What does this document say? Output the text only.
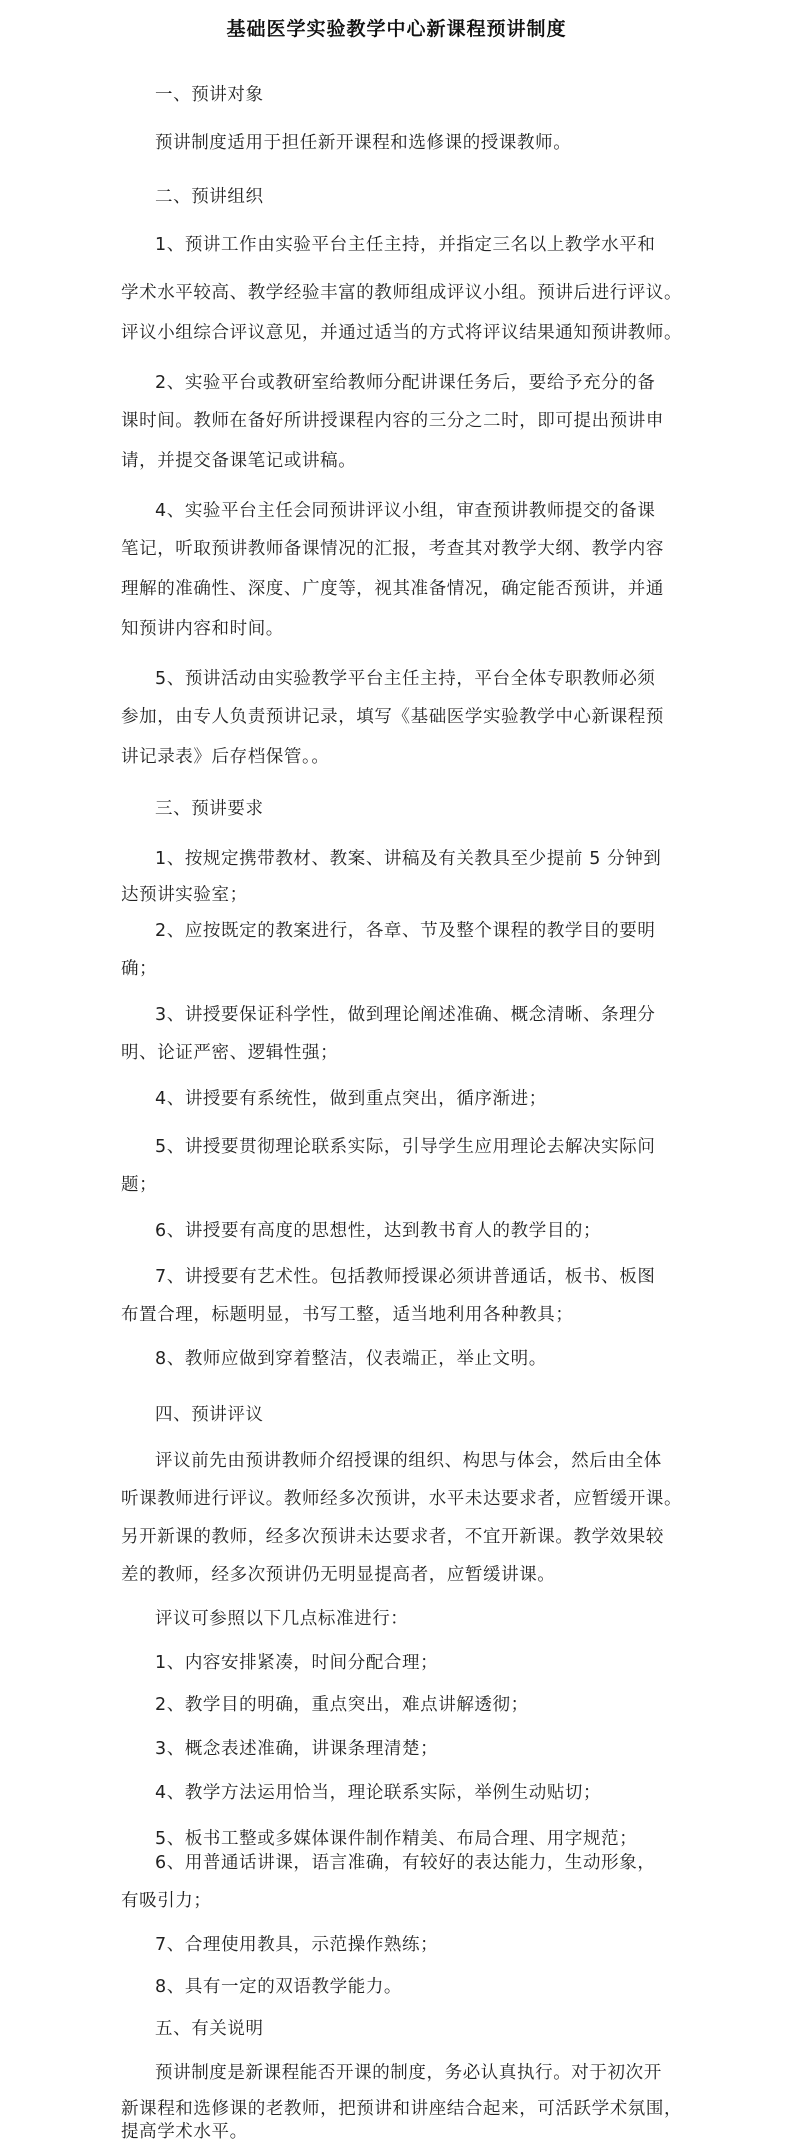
基础医学实验教学中心新课程预讲制度
一、预讲对象
预讲制度适用于担任新开课程和选修课的授课教师。
二、预讲组织
1、预讲工作由实验平台主任主持，并指定三名以上教学水平和
学术水平较高、教学经验丰富的教师组成评议小组。预讲后进行评议。
评议小组综合评议意见，并通过适当的方式将评议结果通知预讲教师。
2、实验平台或教研室给教师分配讲课任务后，要给予充分的备
课时间。教师在备好所讲授课程内容的三分之二时，即可提出预讲申
请，并提交备课笔记或讲稿。
4、实验平台主任会同预讲评议小组，审查预讲教师提交的备课
笔记，听取预讲教师备课情况的汇报，考查其对教学大纲、教学内容
理解的准确性、深度、广度等，视其准备情况，确定能否预讲，并通
知预讲内容和时间。
5、预讲活动由实验教学平台主任主持，平台全体专职教师必须
参加，由专人负责预讲记录，填写《基础医学实验教学中心新课程预
讲记录表》后存档保管。。
三、预讲要求
1、按规定携带教材、教案、讲稿及有关教具至少提前 5 分钟到
达预讲实验室；
2、应按既定的教案进行，各章、节及整个课程的教学目的要明
确；
3、讲授要保证科学性，做到理论阐述准确、概念清晰、条理分
明、论证严密、逻辑性强；
4、讲授要有系统性，做到重点突出，循序渐进；
5、讲授要贯彻理论联系实际，引导学生应用理论去解决实际问
题；
6、讲授要有高度的思想性，达到教书育人的教学目的；
7、讲授要有艺术性。包括教师授课必须讲普通话，板书、板图
布置合理，标题明显，书写工整，适当地利用各种教具；
8、教师应做到穿着整洁，仪表端正，举止文明。
四、预讲评议
评议前先由预讲教师介绍授课的组织、构思与体会，然后由全体
听课教师进行评议。教师经多次预讲，水平未达要求者，应暂缓开课。
另开新课的教师，经多次预讲未达要求者，不宜开新课。教学效果较
差的教师，经多次预讲仍无明显提高者，应暂缓讲课。
评议可参照以下几点标准进行：
1、内容安排紧凑，时间分配合理；
2、教学目的明确，重点突出，难点讲解透彻；
3、概念表述准确，讲课条理清楚；
4、教学方法运用恰当，理论联系实际，举例生动贴切；
5、板书工整或多媒体课件制作精美、布局合理、用字规范；
6、用普通话讲课，语言准确，有较好的表达能力，生动形象，
有吸引力；
7、合理使用教具，示范操作熟练；
8、具有一定的双语教学能力。
五、有关说明
预讲制度是新课程能否开课的制度，务必认真执行。对于初次开
新课程和选修课的老教师，把预讲和讲座结合起来，可活跃学术氛围，
提高学术水平。
